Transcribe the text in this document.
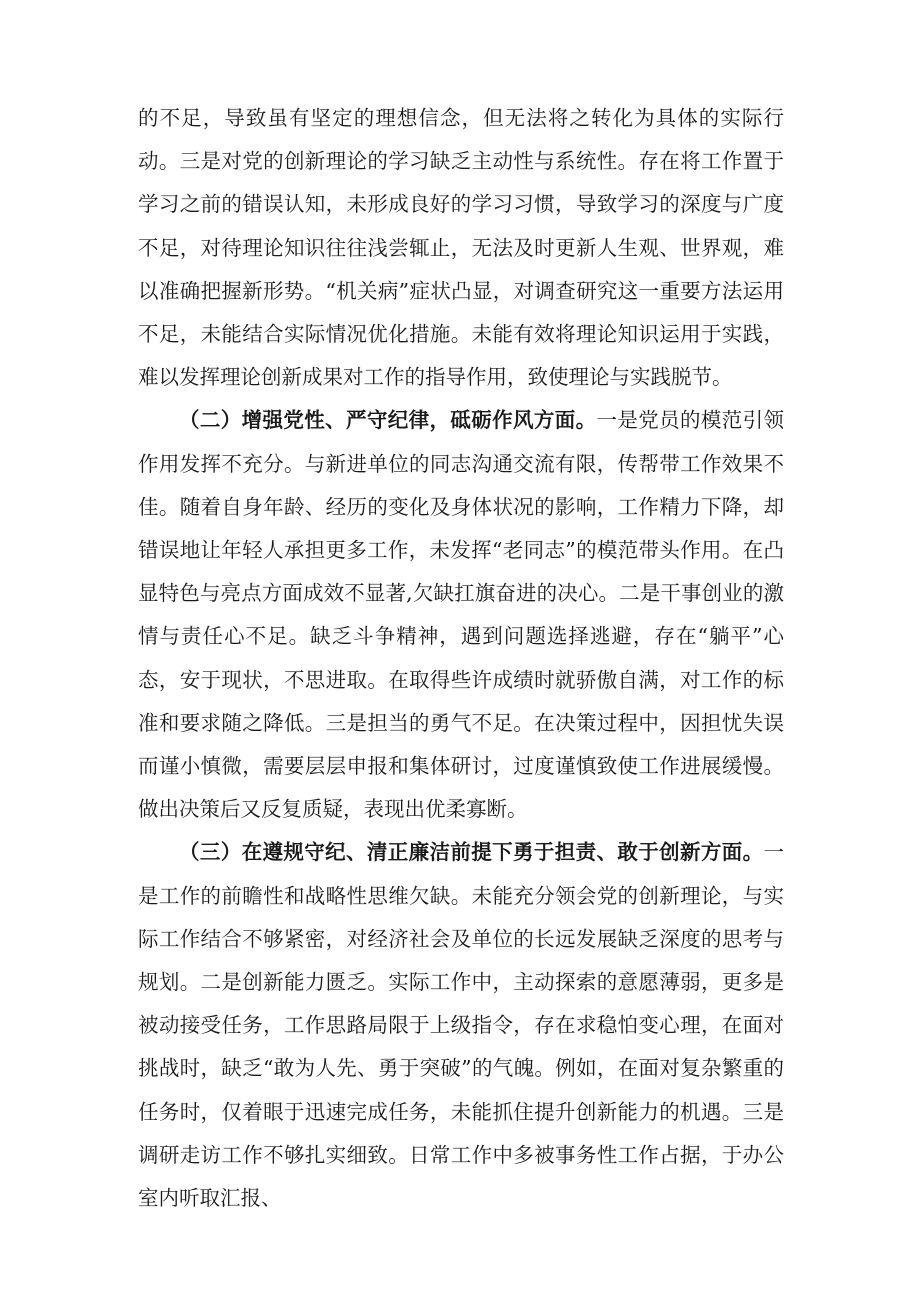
的不足，导致虽有坚定的理想信念，但无法将之转化为具体的实际行动。三是对党的创新理论的学习缺乏主动性与系统性。存在将工作置于学习之前的错误认知，未形成良好的学习习惯，导致学习的深度与广度不足，对待理论知识往往浅尝辄止，无法及时更新人生观、世界观，难以准确把握新形势。“机关病”症状凸显，对调查研究这一重要方法运用不足，未能结合实际情况优化措施。未能有效将理论知识运用于实践，难以发挥理论创新成果对工作的指导作用，致使理论与实践脱节。

（二）增强党性、严守纪律，砥砺作风方面。一是党员的模范引领作用发挥不充分。与新进单位的同志沟通交流有限，传帮带工作效果不佳。随着自身年龄、经历的变化及身体状况的影响，工作精力下降，却错误地让年轻人承担更多工作，未发挥“老同志”的模范带头作用。在凸显特色与亮点方面成效不显著,欠缺扛旗奋进的决心。二是干事创业的激情与责任心不足。缺乏斗争精神，遇到问题选择逃避，存在“躺平”心态，安于现状，不思进取。在取得些许成绩时就骄傲自满，对工作的标准和要求随之降低。三是担当的勇气不足。在决策过程中，因担忧失误而谨小慎微，需要层层申报和集体研讨，过度谨慎致使工作进展缓慢。做出决策后又反复质疑，表现出优柔寡断。

（三）在遵规守纪、清正廉洁前提下勇于担责、敢于创新方面。一是工作的前瞻性和战略性思维欠缺。未能充分领会党的创新理论，与实际工作结合不够紧密，对经济社会及单位的长远发展缺乏深度的思考与规划。二是创新能力匮乏。实际工作中，主动探索的意愿薄弱，更多是被动接受任务，工作思路局限于上级指令，存在求稳怕变心理，在面对挑战时，缺乏“敢为人先、勇于突破”的气魄。例如，在面对复杂繁重的任务时，仅着眼于迅速完成任务，未能抓住提升创新能力的机遇。三是调研走访工作不够扎实细致。日常工作中多被事务性工作占据，于办公室内听取汇报、
